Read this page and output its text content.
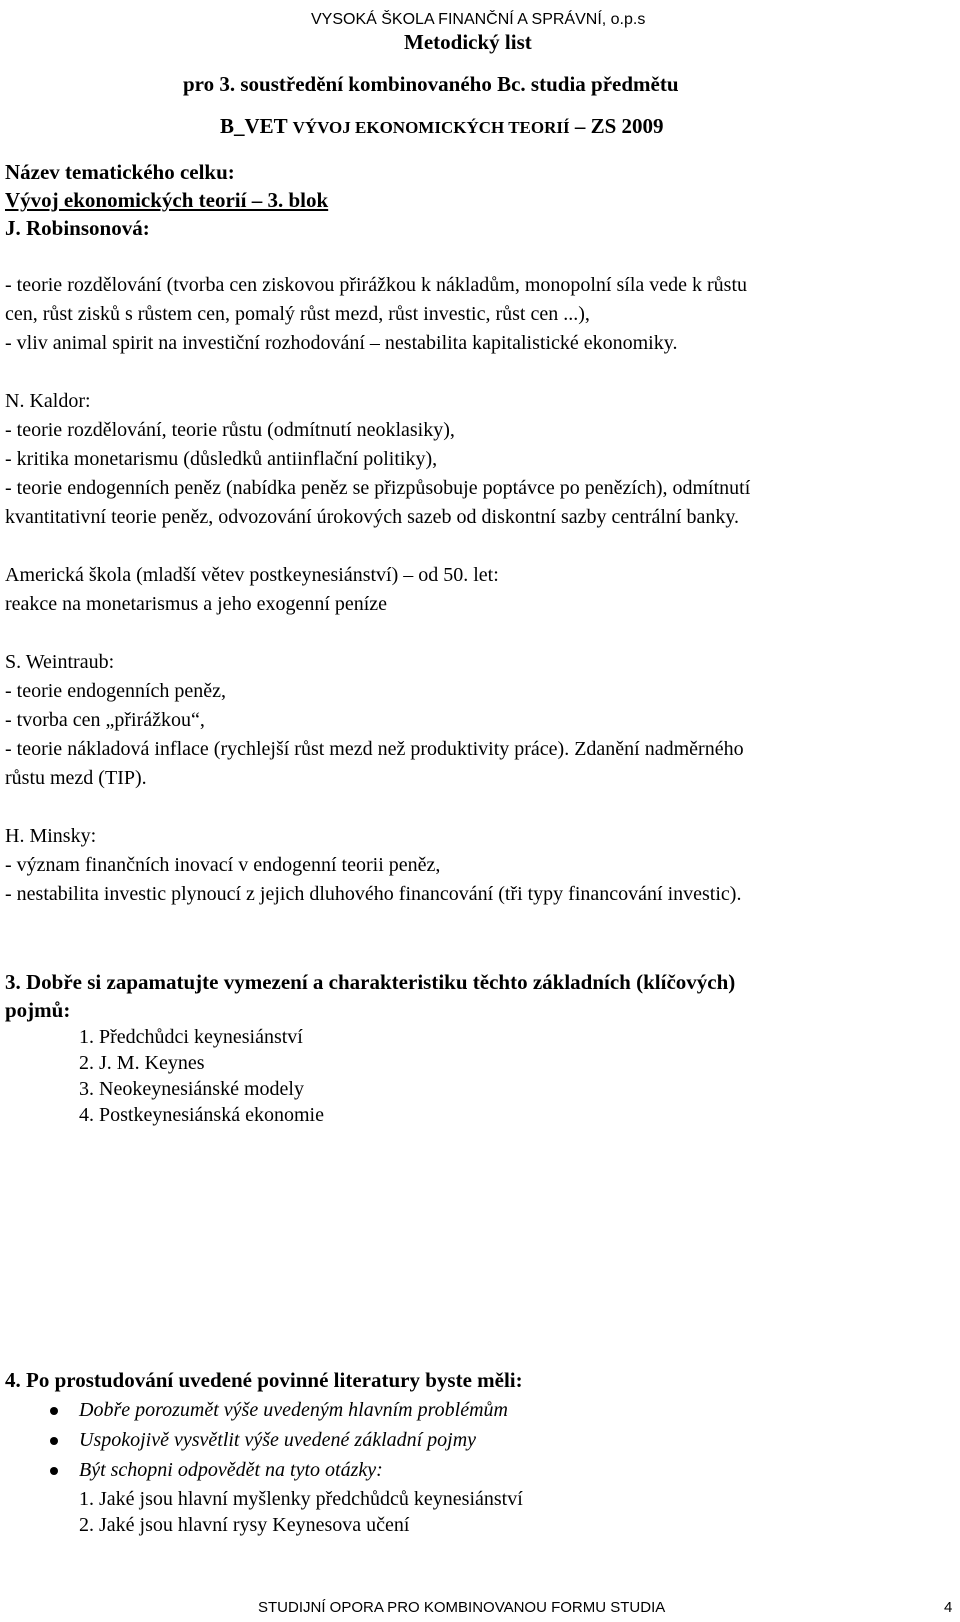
VYSOKÁ ŠKOLA FINANČNÍ A SPRÁVNÍ, o.p.s
Metodický list
pro 3. soustředění kombinovaného Bc. studia předmětu
B_VET VÝVOJ EKONOMICKÝCH TEORIÍ – ZS 2009
Název tematického celku:
Vývoj ekonomických teorií – 3. blok
J. Robinsonová:
- teorie rozdělování (tvorba cen ziskovou přirážkou k nákladům, monopolní síla vede k růstu
cen, růst zisků s růstem cen, pomalý růst mezd, růst investic, růst cen ...),
- vliv animal spirit na investiční rozhodování – nestabilita kapitalistické ekonomiky.
N. Kaldor:
- teorie rozdělování, teorie růstu (odmítnutí neoklasiky),
- kritika monetarismu (důsledků antiinflační politiky),
- teorie endogenních peněz (nabídka peněz se přizpůsobuje poptávce po penězích), odmítnutí
kvantitativní teorie peněz, odvozování úrokových sazeb od diskontní sazby centrální banky.
Americká škola (mladší větev postkeynesiánství) – od 50. let:
reakce na monetarismus a jeho exogenní peníze
S. Weintraub:
- teorie endogenních peněz,
- tvorba cen „přirážkou“,
- teorie nákladová inflace (rychlejší růst mezd než produktivity práce). Zdanění nadměrného
růstu mezd (TIP).
H. Minsky:
- význam finančních inovací v endogenní teorii peněz,
- nestabilita investic plynoucí z jejich dluhového financování (tři typy financování investic).
3. Dobře si zapamatujte vymezení a charakteristiku těchto základních (klíčových)
pojmů:
1. Předchůdci keynesiánství
2. J. M. Keynes
3. Neokeynesiánské modely
4. Postkeynesiánská ekonomie
4. Po prostudování uvedené povinné literatury byste měli:
Dobře porozumět výše uvedeným hlavním problémům
Uspokojivě vysvětlit výše uvedené základní pojmy
Být schopni odpovědět na tyto otázky:
1. Jaké jsou hlavní myšlenky předchůdců keynesiánství
2. Jaké jsou hlavní rysy Keynesova učení
STUDIJNÍ OPORA PRO KOMBINOVANOU FORMU STUDIA	4
